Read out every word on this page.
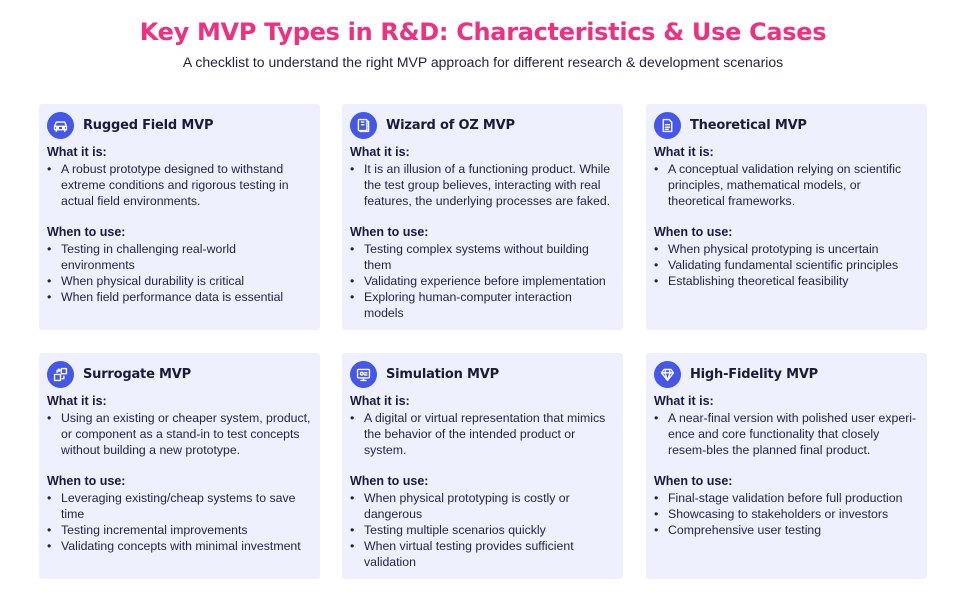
Key MVP Types in R&D: Characteristics & Use Cases
A checklist to understand the right MVP approach for different research & development scenarios
Rugged Field MVP
What it is:
• A robust prototype designed to withstand extreme conditions and rigorous testing in actual field environments.
When to use:
• Testing in challenging real-world environments
• When physical durability is critical
• When field performance data is essential
Wizard of OZ MVP
What it is:
• It is an illusion of a functioning product. While the test group believes, interacting with real features, the underlying processes are faked.
When to use:
• Testing complex systems without building them
• Validating experience before implementation
• Exploring human-computer interaction models
Theoretical MVP
What it is:
• A conceptual validation relying on scientific principles, mathematical models, or theoretical frameworks.
When to use:
• When physical prototyping is uncertain
• Validating fundamental scientific principles
• Establishing theoretical feasibility
Surrogate MVP
What it is:
• Using an existing or cheaper system, product, or component as a stand-in to test concepts without building a new prototype.
When to use:
• Leveraging existing/cheap systems to save time
• Testing incremental improvements
• Validating concepts with minimal investment
Simulation MVP
What it is:
• A digital or virtual representation that mimics the behavior of the intended product or system.
When to use:
• When physical prototyping is costly or dangerous
• Testing multiple scenarios quickly
• When virtual testing provides sufficient validation
High-Fidelity MVP
What it is:
• A near-final version with polished user experi-ence and core functionality that closely resem-bles the planned final product.
When to use:
• Final-stage validation before full production
• Showcasing to stakeholders or investors
• Comprehensive user testing
